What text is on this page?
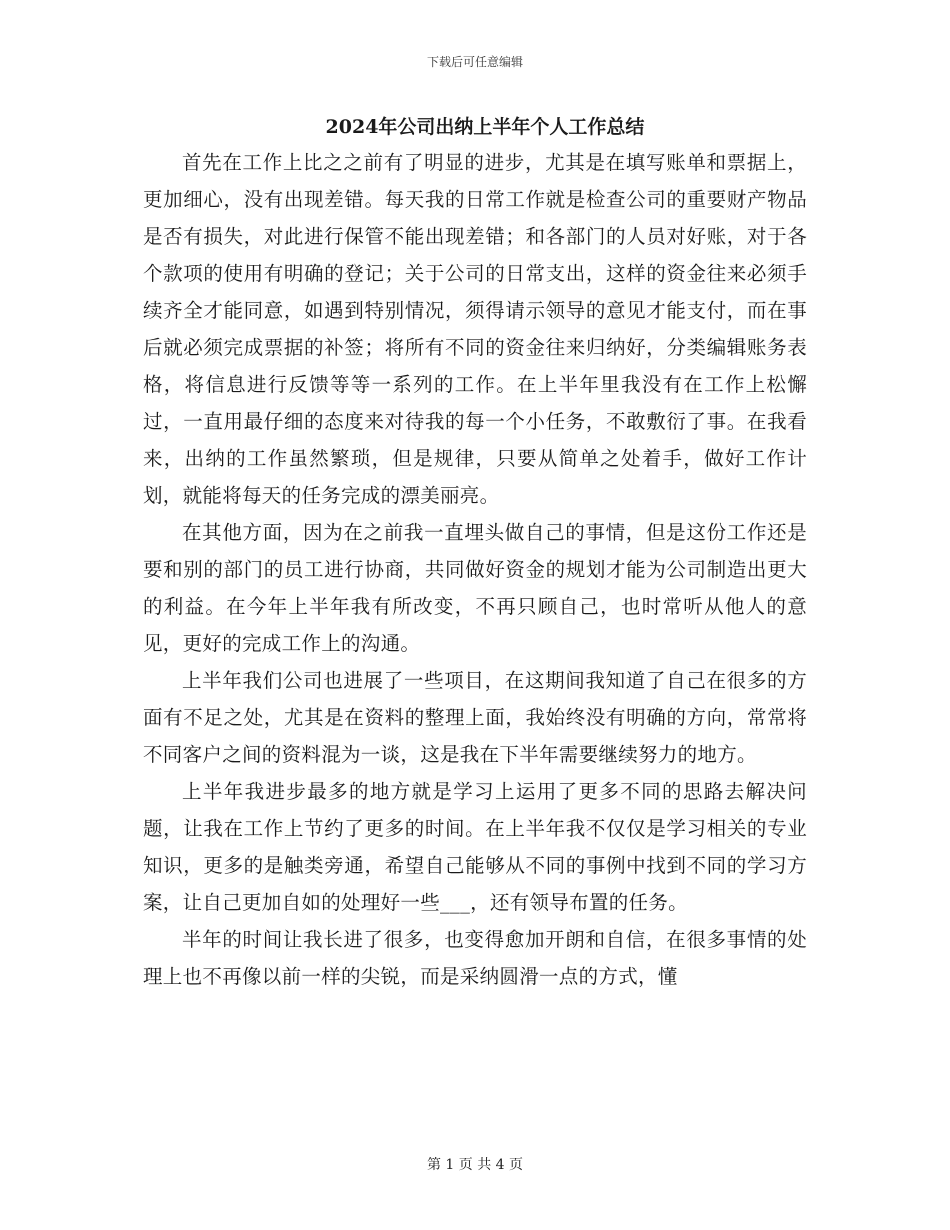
下载后可任意编辑
2024年公司出纳上半年个人工作总结

首先在工作上比之之前有了明显的进步，尤其是在填写账单和票据上，更加细心，没有出现差错。每天我的日常工作就是检查公司的重要财产物品是否有损失，对此进行保管不能出现差错；和各部门的人员对好账，对于各个款项的使用有明确的登记；关于公司的日常支出，这样的资金往来必须手续齐全才能同意，如遇到特别情况，须得请示领导的意见才能支付，而在事后就必须完成票据的补签；将所有不同的资金往来归纳好，分类编辑账务表格，将信息进行反馈等等一系列的工作。在上半年里我没有在工作上松懈过，一直用最仔细的态度来对待我的每一个小任务，不敢敷衍了事。在我看来，出纳的工作虽然繁琐，但是规律，只要从简单之处着手，做好工作计划，就能将每天的任务完成的漂美丽亮。

在其他方面，因为在之前我一直埋头做自己的事情，但是这份工作还是要和别的部门的员工进行协商，共同做好资金的规划才能为公司制造出更大的利益。在今年上半年我有所改变，不再只顾自己，也时常听从他人的意见，更好的完成工作上的沟通。

上半年我们公司也进展了一些项目，在这期间我知道了自己在很多的方面有不足之处，尤其是在资料的整理上面，我始终没有明确的方向，常常将不同客户之间的资料混为一谈，这是我在下半年需要继续努力的地方。

上半年我进步最多的地方就是学习上运用了更多不同的思路去解决问题，让我在工作上节约了更多的时间。在上半年我不仅仅是学习相关的专业知识，更多的是触类旁通，希望自己能够从不同的事例中找到不同的学习方案，让自己更加自如的处理好一些___，还有领导布置的任务。

半年的时间让我长进了很多，也变得愈加开朗和自信，在很多事情的处理上也不再像以前一样的尖锐，而是采纳圆滑一点的方式，懂

第 1 页 共 4 页
